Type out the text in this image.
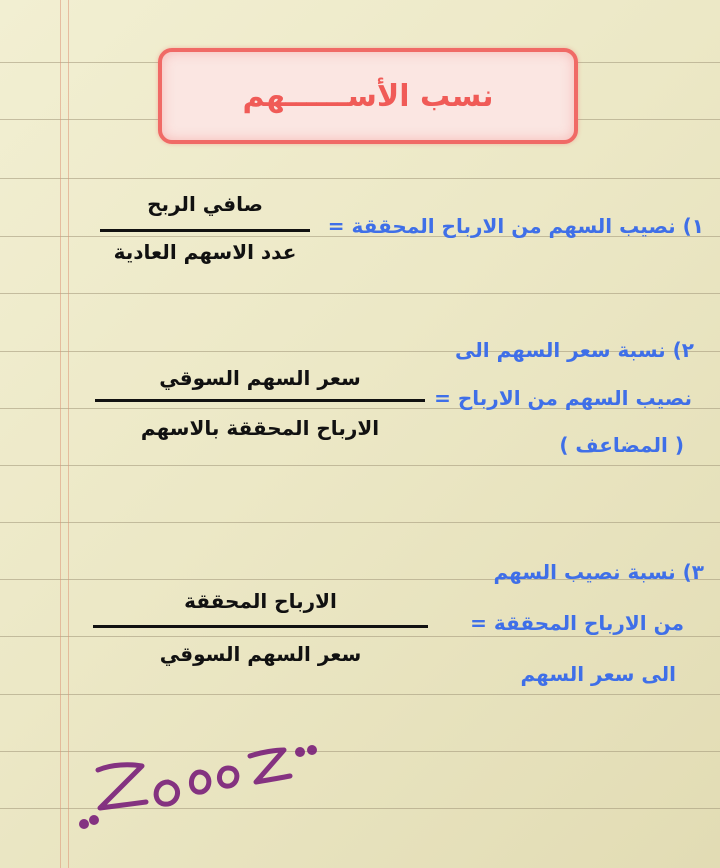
نسب الأســــــهم
١) نصيب السهم من الارباح المحققة =
صافي الربح
عدد الاسهم العادية
٢) نسبة سعر السهم الى
نصيب السهم من الارباح =
( المضاعف )
سعر السهم السوقي
الارباح المحققة بالاسهم
٣) نسبة نصيب السهم
من الارباح المحققة =
الى سعر السهم
الارباح المحققة
سعر السهم السوقي
